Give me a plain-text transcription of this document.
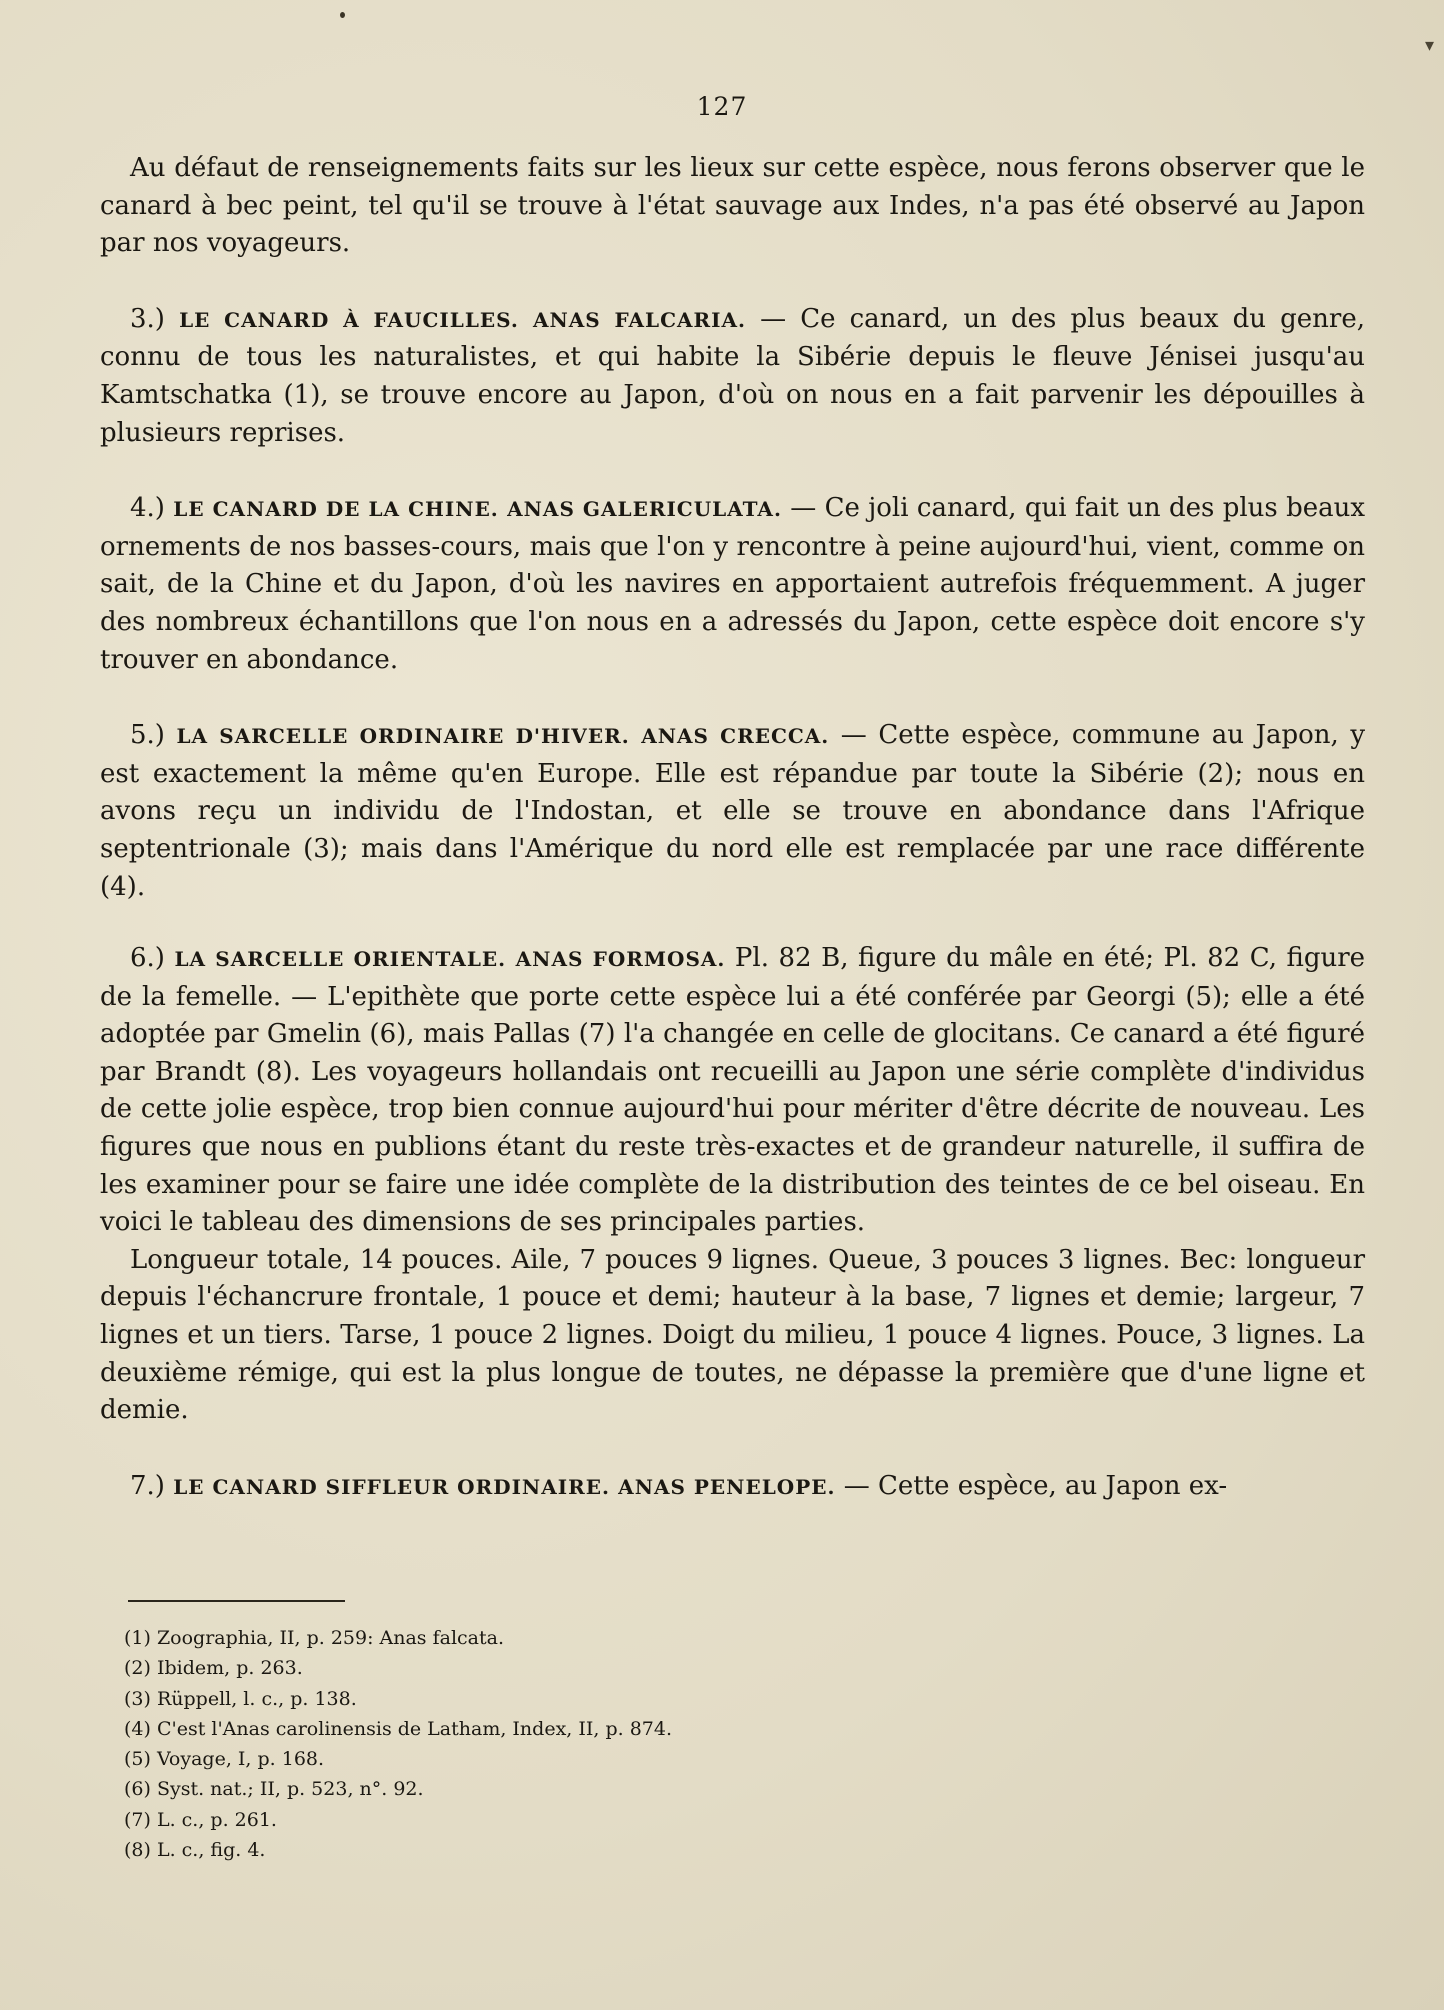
▾
127

Au défaut de renseignements faits sur les lieux sur cette espèce, nous ferons observer que le canard à bec peint, tel qu'il se trouve à l'état sauvage aux Indes, n'a pas été observé au Japon par nos voyageurs.

3.) LE CANARD À FAUCILLES. ANAS FALCARIA. — Ce canard, un des plus beaux du genre, connu de tous les naturalistes, et qui habite la Sibérie depuis le fleuve Jénisei jusqu'au Kamtschatka (1), se trouve encore au Japon, d'où on nous en a fait parvenir les dépouilles à plusieurs reprises.

4.) LE CANARD DE LA CHINE. ANAS GALERICULATA. — Ce joli canard, qui fait un des plus beaux ornements de nos basses-cours, mais que l'on y rencontre à peine aujourd'hui, vient, comme on sait, de la Chine et du Japon, d'où les navires en apportaient autrefois fréquemment. A juger des nombreux échantillons que l'on nous en a adressés du Japon, cette espèce doit encore s'y trouver en abondance.

5.) LA SARCELLE ORDINAIRE D'HIVER. ANAS CRECCA. — Cette espèce, commune au Japon, y est exactement la même qu'en Europe. Elle est répandue par toute la Sibérie (2); nous en avons reçu un individu de l'Indostan, et elle se trouve en abondance dans l'Afrique septentrionale (3); mais dans l'Amérique du nord elle est remplacée par une race différente (4).

6.) LA SARCELLE ORIENTALE. ANAS FORMOSA. Pl. 82 B, figure du mâle en été; Pl. 82 C, figure de la femelle. — L'epithète que porte cette espèce lui a été conférée par Georgi (5); elle a été adoptée par Gmelin (6), mais Pallas (7) l'a changée en celle de glocitans. Ce canard a été figuré par Brandt (8). Les voyageurs hollandais ont recueilli au Japon une série complète d'individus de cette jolie espèce, trop bien connue aujourd'hui pour mériter d'être décrite de nouveau. Les figures que nous en publions étant du reste très-exactes et de grandeur naturelle, il suffira de les examiner pour se faire une idée complète de la distribution des teintes de ce bel oiseau. En voici le tableau des dimensions de ses principales parties.

Longueur totale, 14 pouces. Aile, 7 pouces 9 lignes. Queue, 3 pouces 3 lignes. Bec: longueur depuis l'échancrure frontale, 1 pouce et demi; hauteur à la base, 7 lignes et demie; largeur, 7 lignes et un tiers. Tarse, 1 pouce 2 lignes. Doigt du milieu, 1 pouce 4 lignes. Pouce, 3 lignes. La deuxième rémige, qui est la plus longue de toutes, ne dépasse la première que d'une ligne et demie.

7.) LE CANARD SIFFLEUR ORDINAIRE. ANAS PENELOPE. — Cette espèce, au Japon ex-

(1) Zoographia, II, p. 259: Anas falcata.
(2) Ibidem, p. 263.
(3) Rüppell, l. c., p. 138.
(4) C'est l'Anas carolinensis de Latham, Index, II, p. 874.
(5) Voyage, I, p. 168.
(6) Syst. nat.; II, p. 523, n°. 92.
(7) L. c., p. 261.
(8) L. c., fig. 4.
